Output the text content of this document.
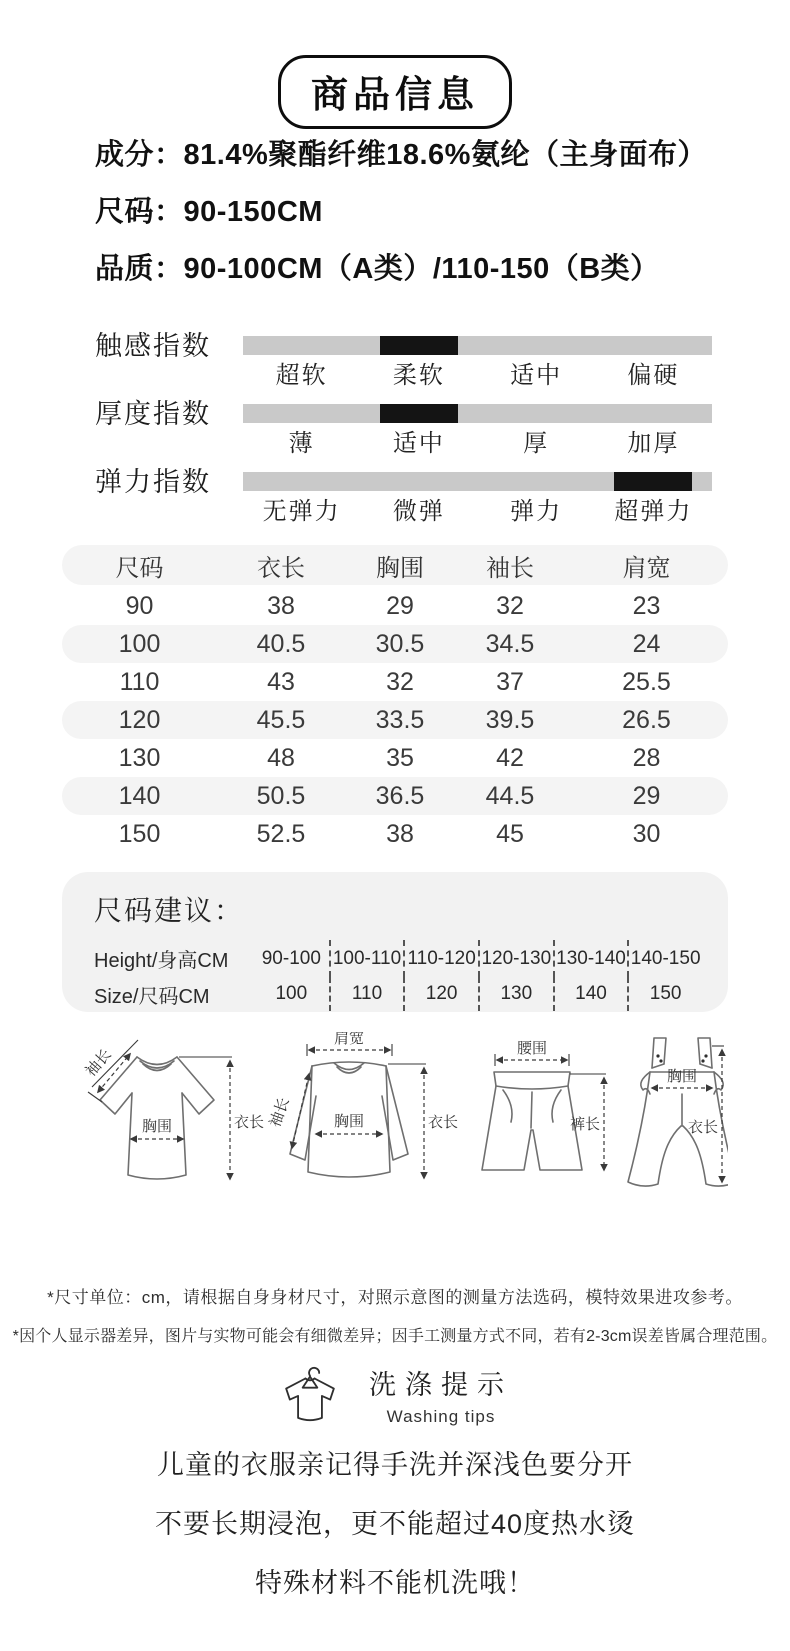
商品信息
成分：81.4%聚酯纤维18.6%氨纶（主身面布）
尺码：90-150CM
品质：90-100CM（A类）/110-150（B类）
触感指数
超软	柔软	适中	偏硬
厚度指数
薄	适中	厚	加厚
弹力指数
无弹力	微弹	弹力	超弹力
尺码	衣长	胸围	袖长	肩宽
90	38	29	32	23
100	40.5	30.5	34.5	24
110	43	32	37	25.5
120	45.5	33.5	39.5	26.5
130	48	35	42	28
140	50.5	36.5	44.5	29
150	52.5	38	45	30
尺码建议：
Height/身高CM	90-100 100-110 110-120 120-130 130-140 140-150
Size/尺码CM	100	110	120	130	140	150
袖长
胸围	衣长
肩宽
袖长	胸围	衣长
腰围
裤长
胸围
衣长
*尺寸单位：cm，请根据自身身材尺寸，对照示意图的测量方法选码，模特效果进攻参考。
*因个人显示器差异，图片与实物可能会有细微差异；因手工测量方式不同，若有2-3cm误差皆属合理范围。
洗涤提示
Washing tips
儿童的衣服亲记得手洗并深浅色要分开
不要长期浸泡，更不能超过40度热水烫
特殊材料不能机洗哦！
